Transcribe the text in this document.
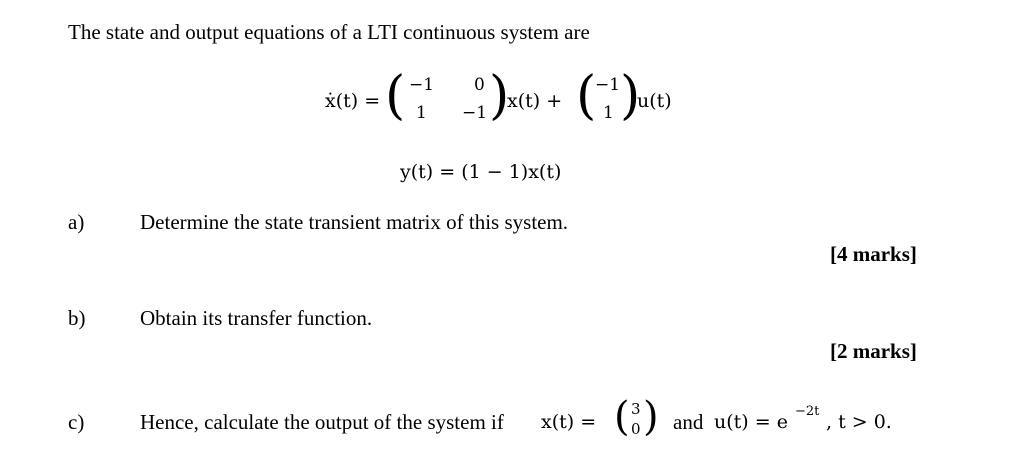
The state and output equations of a LTI continuous system are
ẋ(t) = ( −1 0
1 −1 )
x(t) + (
−1
1 )
u(t)
y(t) = (1 − 1)x(t)
a)	Determine the state transient matrix of this system.
[4 marks]
b)	Obtain its transfer function.
[2 marks]
c)	Hence, calculate the output of the system if x(t) = ( 3
0 ) and u(t) = e −2t , t > 0.
